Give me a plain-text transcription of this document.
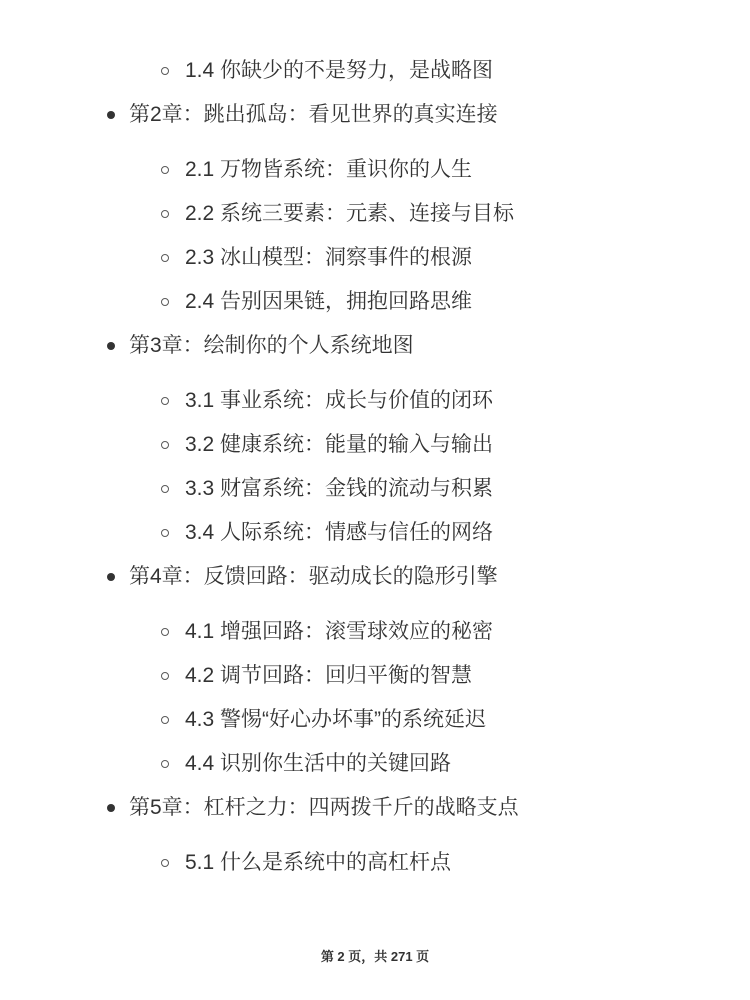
1.4 你缺少的不是努力，是战略图
第2章：跳出孤岛：看见世界的真实连接
2.1 万物皆系统：重识你的人生
2.2 系统三要素：元素、连接与目标
2.3 冰山模型：洞察事件的根源
2.4 告别因果链，拥抱回路思维
第3章：绘制你的个人系统地图
3.1 事业系统：成长与价值的闭环
3.2 健康系统：能量的输入与输出
3.3 财富系统：金钱的流动与积累
3.4 人际系统：情感与信任的网络
第4章：反馈回路：驱动成长的隐形引擎
4.1 增强回路：滚雪球效应的秘密
4.2 调节回路：回归平衡的智慧
4.3 警惕“好心办坏事”的系统延迟
4.4 识别你生活中的关键回路
第5章：杠杆之力：四两拨千斤的战略支点
5.1 什么是系统中的高杠杆点
第 2 页，共 271 页
